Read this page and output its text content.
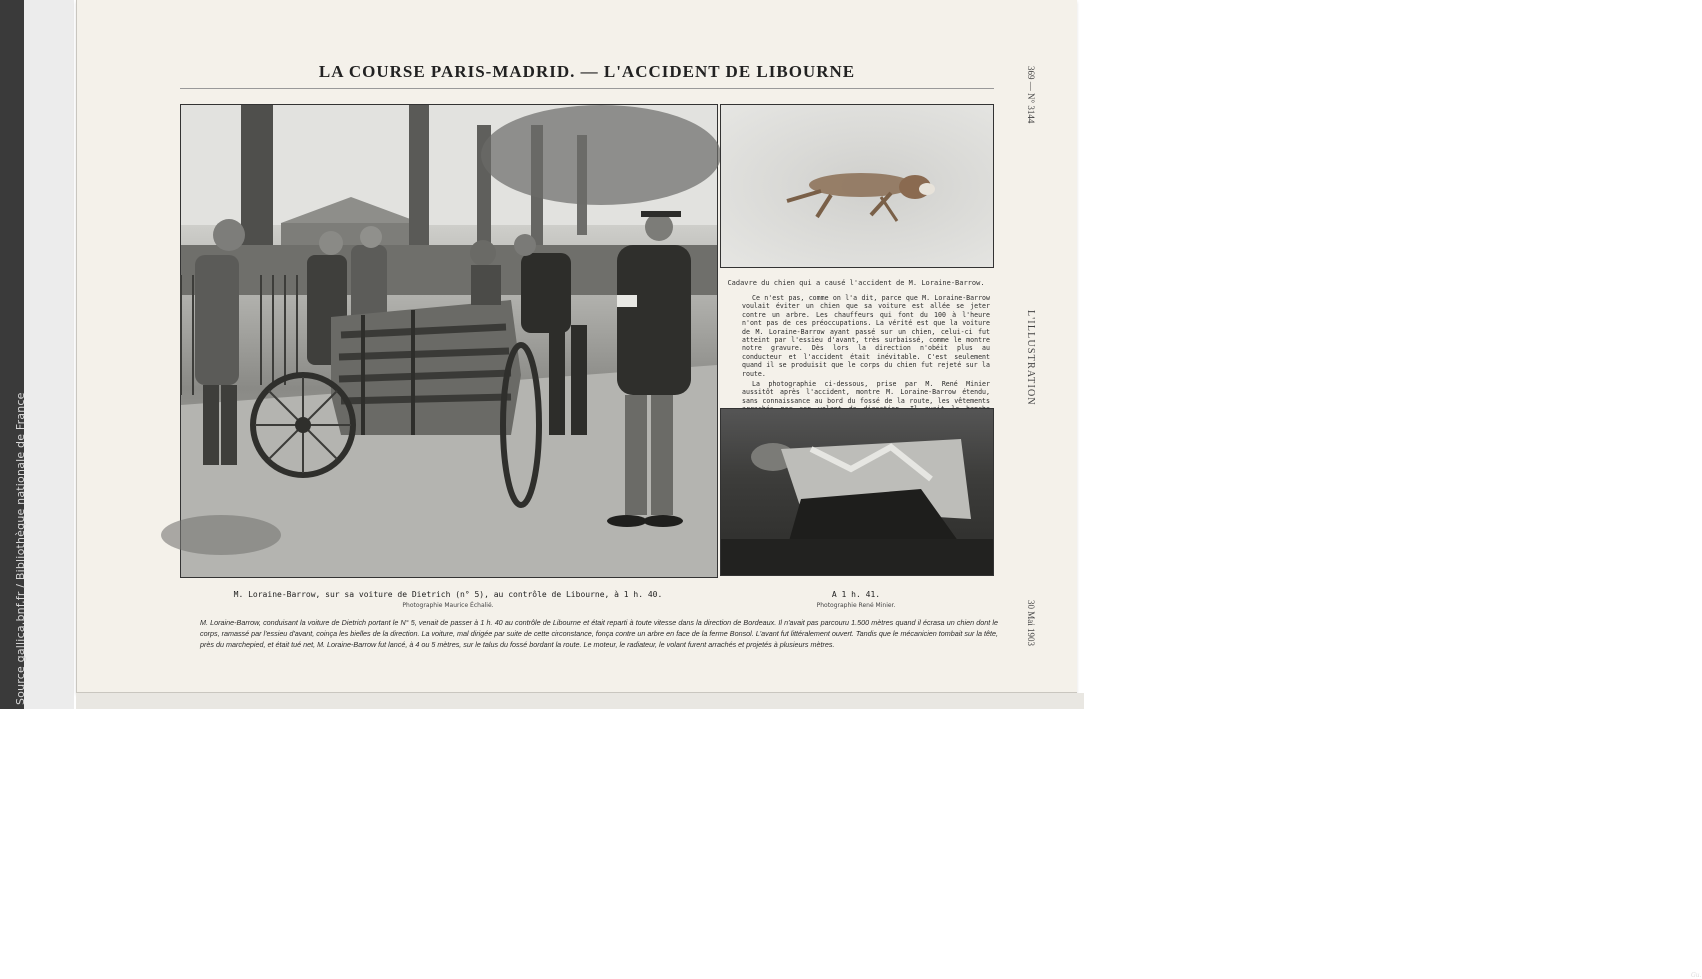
Source gallica.bnf.fr / Bibliothèque nationale de France
LA COURSE PARIS-MADRID. — L'ACCIDENT DE LIBOURNE
Cadavre du chien qui a causé l'accident de M. Loraine-Barrow.

Ce n'est pas, comme on l'a dit, parce que M. Loraine-Barrow voulait éviter un chien que sa voiture est allée se jeter contre un arbre. Les chauffeurs qui font du 100 à l'heure n'ont pas de ces préoccupations. La vérité est que la voiture de M. Loraine-Barrow ayant passé sur un chien, celui-ci fut atteint par l'essieu d'avant, très surbaissé, comme le montre notre gravure. Dès lors la direction n'obéit plus au conducteur et l'accident était inévitable. C'est seulement quand il se produisit que le corps du chien fut rejeté sur la route.

La photographie ci-dessous, prise par M. René Minier aussitôt après l'accident, montre M. Loraine-Barrow étendu, sans connaissance au bord du fossé de la route, les vêtements

Gu.
M. Loraine-Barrow, sur sa voiture de Dietrich (n° 5), au contrôle de Libourne, à 1 h. 40.
Photographie Maurice Échalié.
A 1 h. 41.
Photographie René Minier.

M. Loraine-Barrow, conduisant la voiture de Dietrich portant le N° 5, venait de passer à 1 h. 40 au contrôle de Libourne et était reparti à toute vitesse dans la direction de Bordeaux. Il n'avait pas parcouru 1.500 mètres quand il écrasa un chien dont le corps, ramassé par l'essieu d'avant, coinça les bielles de la direction. La voiture, mal dirigée par suite de cette circonstance, fonça contre un arbre en face de la ferme Bonsol. L'avant fut littéralement ouvert. Tandis que le mécanicien tombait sur la tête, près du marchepied, et était tué net, M. Loraine-Barrow fut lancé, à 4 ou 5 mètres, sur le talus du fossé bordant la route. Le moteur, le radiateur, le volant furent arrachés et projetés à plusieurs mètres.

369 — N° 3144
L'ILLUSTRATION
30 Mai 1903
